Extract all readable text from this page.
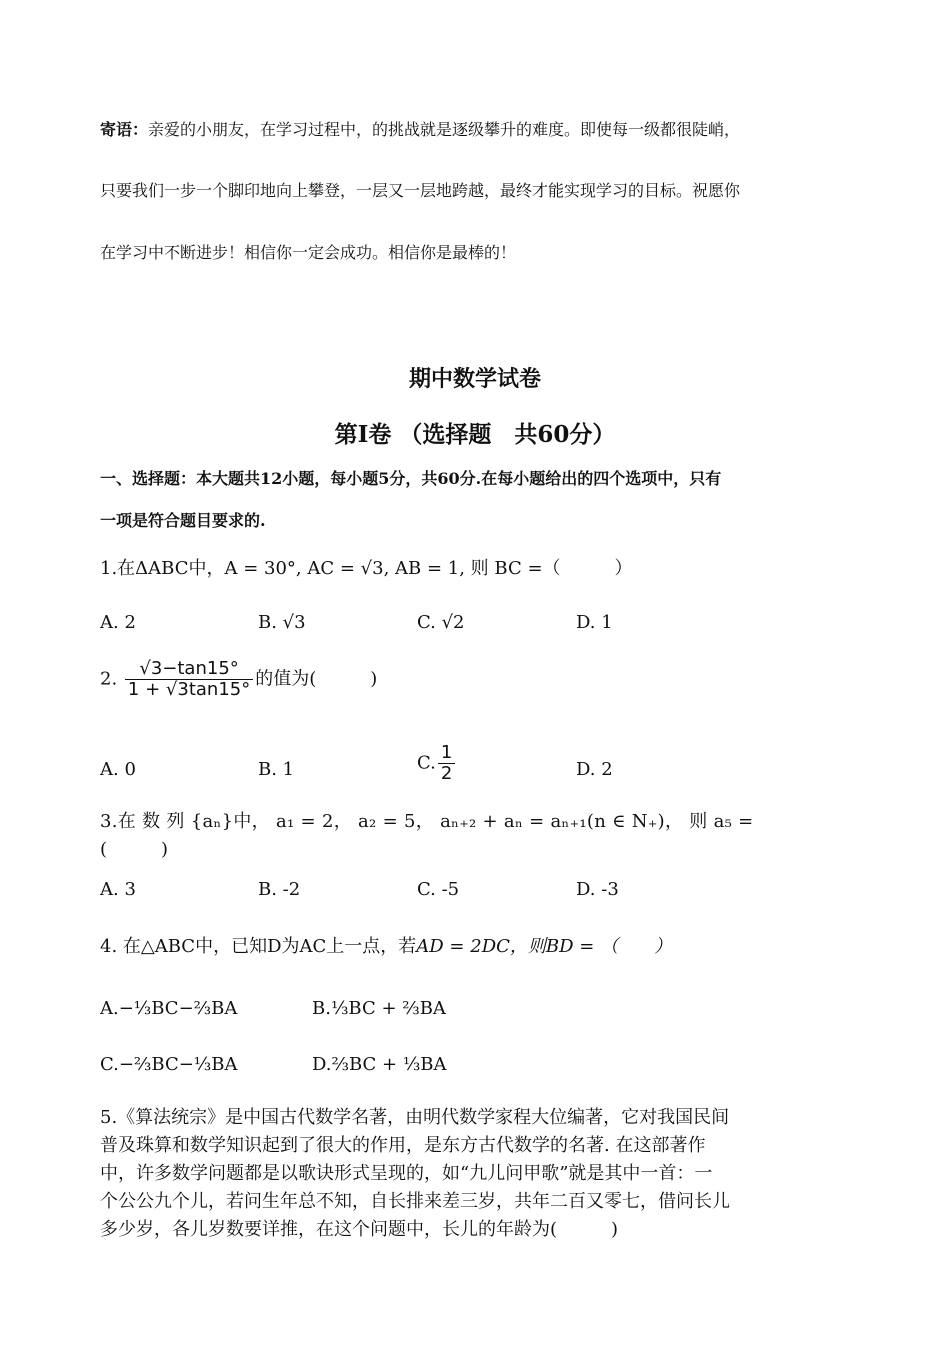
寄语：亲爱的小朋友，在学习过程中，的挑战就是逐级攀升的难度。即使每一级都很陡峭，
只要我们一步一个脚印地向上攀登，一层又一层地跨越，最终才能实现学习的目标。祝愿你
在学习中不断进步！相信你一定会成功。相信你是最棒的！
期中数学试卷
第Ⅰ卷 （选择题　共60分）
一、选择题：本大题共12小题，每小题5分，共60分.在每小题给出的四个选项中，只有
一项是符合题目要求的.
1.在ΔABC中，A = 30°, AC = √3, AB = 1, 则 BC =（　　　）
A. 2	B. √3	C. √2	D. 1
2. $\frac{√3-\tan 15^\circ}{1 + √3\tan 15^\circ}$ 的值为(　　　)
A. 0	B. 1	C. $\frac{1}{2}$	D. 2
3.在 数 列 {aₙ}中， a₁ = 2， a₂ = 5， aₙ₊₂ + aₙ = aₙ₊₁(n ∈ N₊)， 则 a₅ =
(　　　)
A. 3	B. -2	C. -5	D. -3
4. 在△ABC中，已知D为AC上一点，若AD = 2DC，则BD = （　　）
A.−⅓BC−⅔BA	B.⅓BC + ⅔BA
C.−⅔BC−⅓BA	D.⅔BC + ⅓BA

5.《算法统宗》是中国古代数学名著，由明代数学家程大位编著，它对我国民间

普及珠算和数学知识起到了很大的作用，是东方古代数学的名著. 在这部著作

中，许多数学问题都是以歌诀形式呈现的，如“九儿问甲歌”就是其中一首：一

个公公九个儿，若问生年总不知，自长排来差三岁，共年二百又零七，借问长儿

多少岁，各儿岁数要详推，在这个问题中，长儿的年龄为(　　　)
